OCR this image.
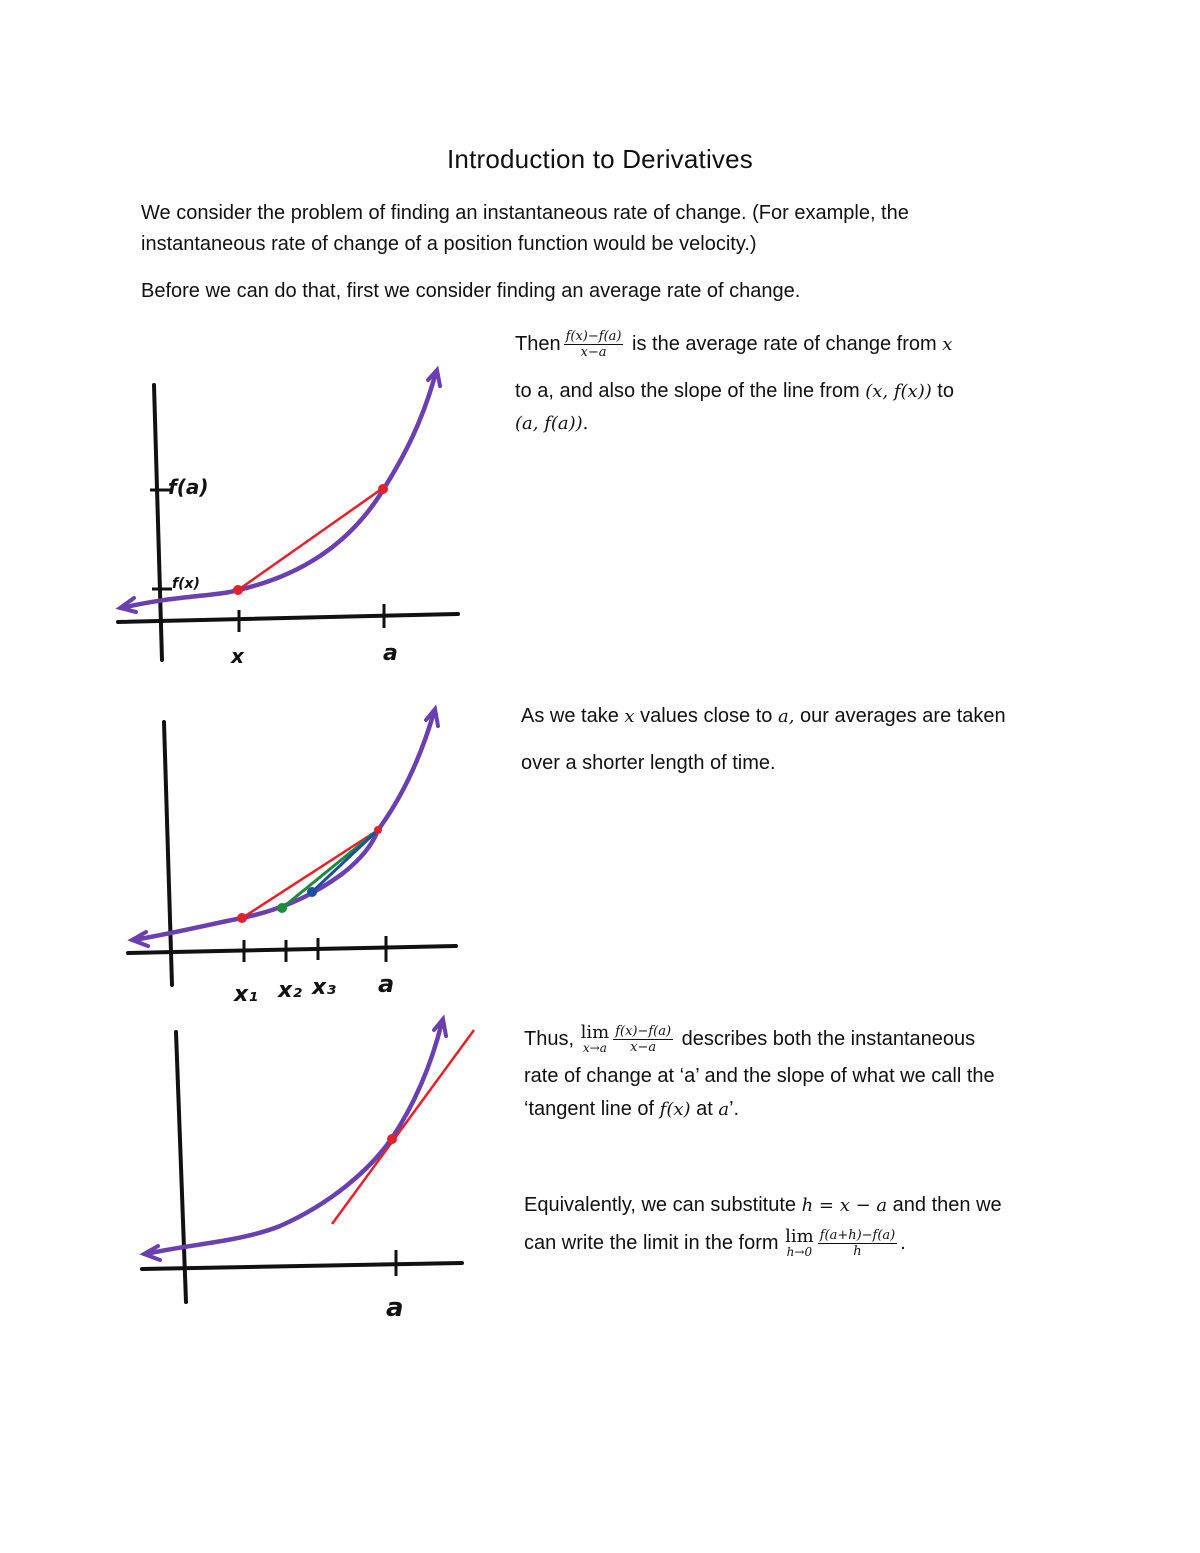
Introduction to Derivatives
We consider the problem of finding an instantaneous rate of change. (For example, the
instantaneous rate of change of a position function would be velocity.)
Before we can do that, first we consider finding an average rate of change.
Then $\frac{f(x)-f(a)}{x-a}$ is the average rate of change from x
to a, and also the slope of the line from (x, f(x)) to
(a, f(a)).
As we take x values close to a, our averages are taken
over a shorter length of time.
Thus, lim
$x\to a \frac{f(x)-f(a)}{x-a}$ describes both the instantaneous
rate of change at ‘a’ and the slope of what we call the
‘tangent line of f(x) at a’.
Equivalently, we can substitute h = x − a and then we
can write the limit in the form lim
$h\to 0 \frac{f(a+h)-f(a)}{h}$ .
f(a)
f(x)
x	a
x₁ x₂ x₃ a
a
